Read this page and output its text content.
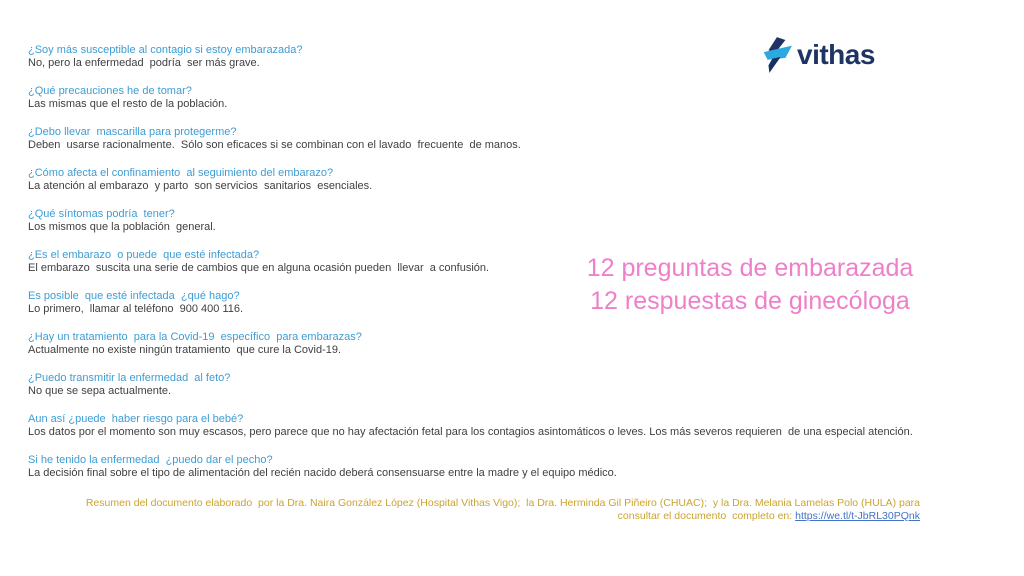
vithas
¿Soy más susceptible al contagio si estoy embarazada?
No, pero la enfermedad  podría  ser más grave.
¿Qué precauciones he de tomar?
Las mismas que el resto de la población.
¿Debo llevar  mascarilla para protegerme?
Deben  usarse racionalmente.  Sólo son eficaces si se combinan con el lavado  frecuente  de manos.
¿Cómo afecta el confinamiento  al seguimiento del embarazo?
La atención al embarazo  y parto  son servicios  sanitarios  esenciales.
¿Qué síntomas podría  tener?
Los mismos que la población  general.
¿Es el embarazo  o puede  que esté infectada?
El embarazo  suscita una serie de cambios que en alguna ocasión pueden  llevar  a confusión.
Es posible  que esté infectada  ¿qué hago?
Lo primero,  llamar al teléfono  900 400 116.
¿Hay un tratamiento  para la Covid-19  específico  para embarazas?
Actualmente no existe ningún tratamiento  que cure la Covid-19.
¿Puedo transmitir la enfermedad  al feto?
No que se sepa actualmente.
Aun así ¿puede  haber riesgo para el bebé?
Los datos por el momento son muy escasos, pero parece que no hay afectación fetal para los contagios asintomáticos o leves. Los más severos requieren  de una especial atención.
Si he tenido la enfermedad  ¿puedo dar el pecho?
La decisión final sobre el tipo de alimentación del recién nacido deberá consensuarse entre la madre y el equipo médico.
12 preguntas de embarazada
12 respuestas de ginecóloga
Resumen del documento elaborado  por la Dra. Naira González López (Hospital Vithas Vigo);  la Dra. Herminda Gil Piñeiro (CHUAC);  y la Dra. Melania Lamelas Polo (HULA) para
consultar el documento  completo en: https://we.tl/t-JbRL30PQnk
